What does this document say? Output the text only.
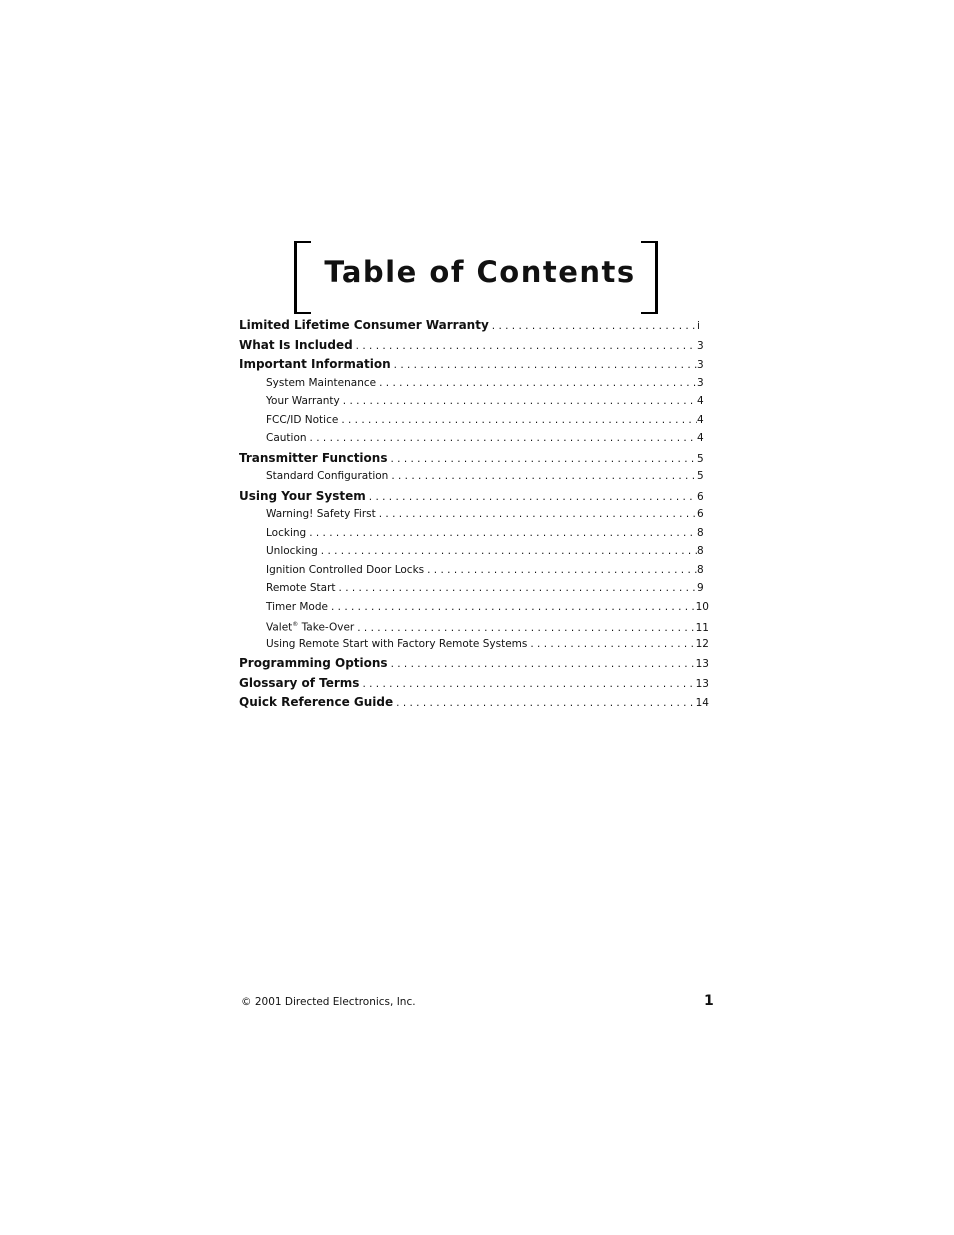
Table of Contents
Limited Lifetime Consumer Warranty . . .	i
What Is Included . . .	3
Important Information . . .	3
System Maintenance . . .	3
Your Warranty . . .	4
FCC/ID Notice . . .	4
Caution . . .	4
Transmitter Functions . . .	5
Standard Configuration . . .	5
Using Your System . . .	6
Warning! Safety First . . .	6
Locking . . .	8
Unlocking . . .	8
Ignition Controlled Door Locks . . .	8
Remote Start . . .	9
Timer Mode . . .	10
Valet® Take-Over . . .	11
Using Remote Start with Factory Remote Systems . . .	12
Programming Options . . .	13
Glossary of Terms . . .	13
Quick Reference Guide . . .	14
© 2001 Directed Electronics, Inc.	1
